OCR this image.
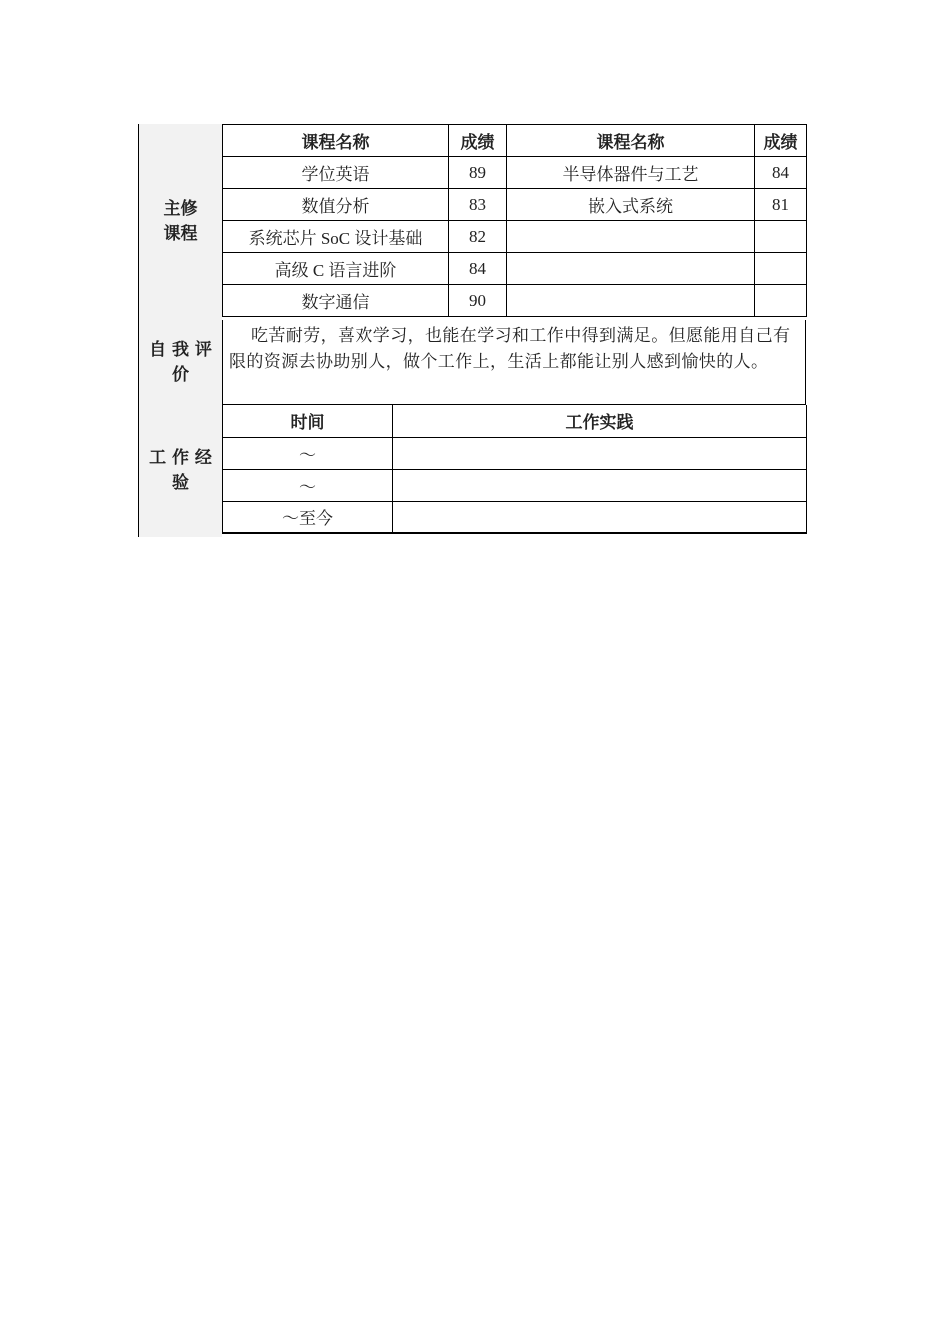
主修
课程
课程名称	成绩	课程名称	成绩
学位英语	89	半导体器件与工艺	84
数值分析	83	嵌入式系统	81
系统芯片 SoC 设计基础	82		
高级 C 语言进阶	84		
数字通信	90		
自 我 评
价
吃苦耐劳，喜欢学习，也能在学习和工作中得到满足。但愿能用自己有限的资源去协助别人，做个工作上，生活上都能让别人感到愉快的人。
工 作 经
验
时间	工作实践
～	
～	
～至今	
